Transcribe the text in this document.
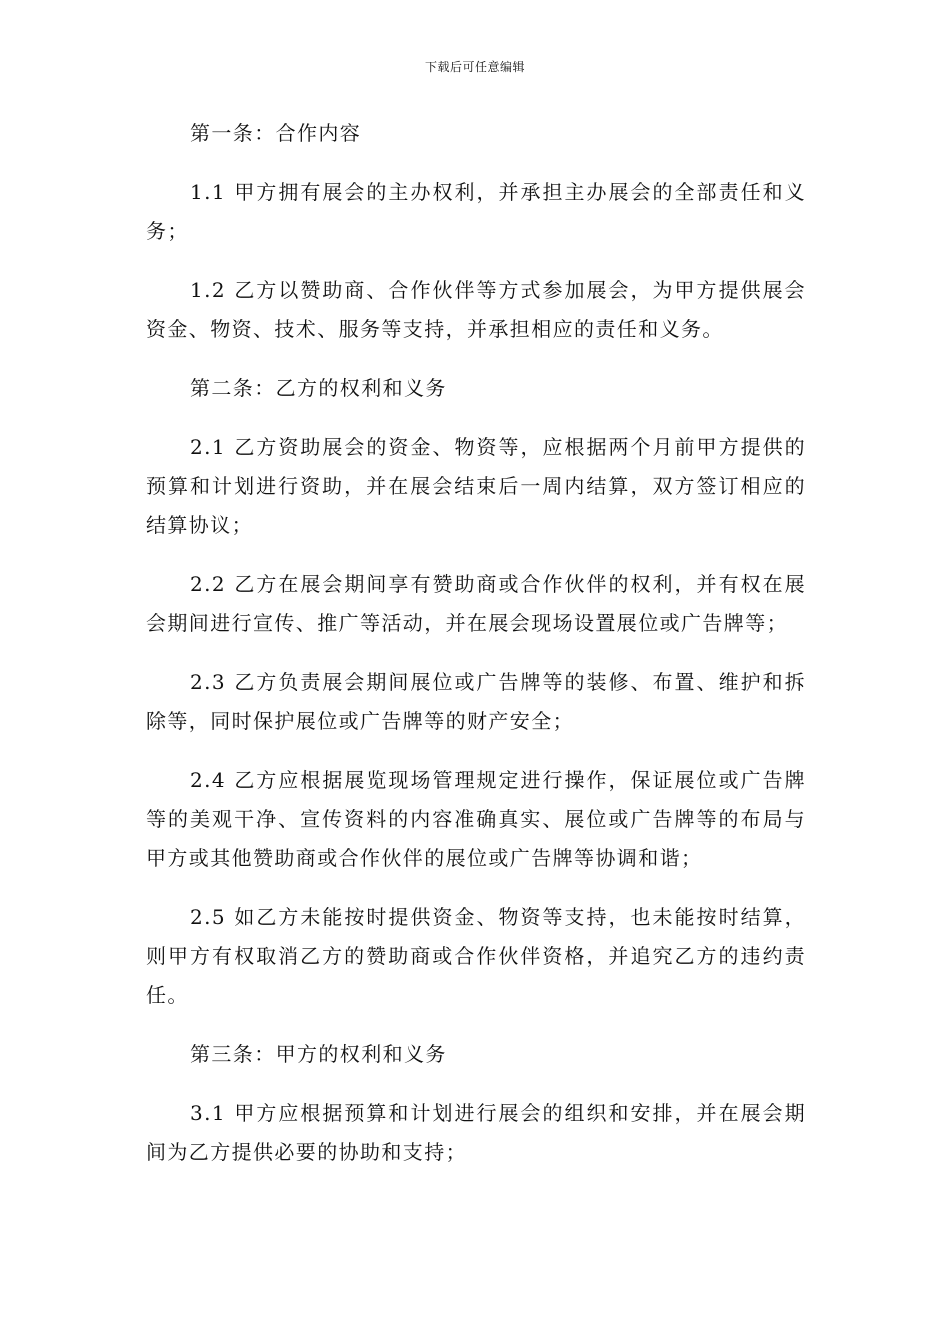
下载后可任意编辑

第一条：合作内容

1.1 甲方拥有展会的主办权利，并承担主办展会的全部责任和义务；

1.2 乙方以赞助商、合作伙伴等方式参加展会，为甲方提供展会资金、物资、技术、服务等支持，并承担相应的责任和义务。

第二条：乙方的权利和义务

2.1 乙方资助展会的资金、物资等，应根据两个月前甲方提供的预算和计划进行资助，并在展会结束后一周内结算，双方签订相应的结算协议；

2.2 乙方在展会期间享有赞助商或合作伙伴的权利，并有权在展会期间进行宣传、推广等活动，并在展会现场设置展位或广告牌等；

2.3 乙方负责展会期间展位或广告牌等的装修、布置、维护和拆除等，同时保护展位或广告牌等的财产安全；

2.4 乙方应根据展览现场管理规定进行操作，保证展位或广告牌等的美观干净、宣传资料的内容准确真实、展位或广告牌等的布局与甲方或其他赞助商或合作伙伴的展位或广告牌等协调和谐；

2.5 如乙方未能按时提供资金、物资等支持，也未能按时结算，则甲方有权取消乙方的赞助商或合作伙伴资格，并追究乙方的违约责任。

第三条：甲方的权利和义务

3.1 甲方应根据预算和计划进行展会的组织和安排，并在展会期间为乙方提供必要的协助和支持；
